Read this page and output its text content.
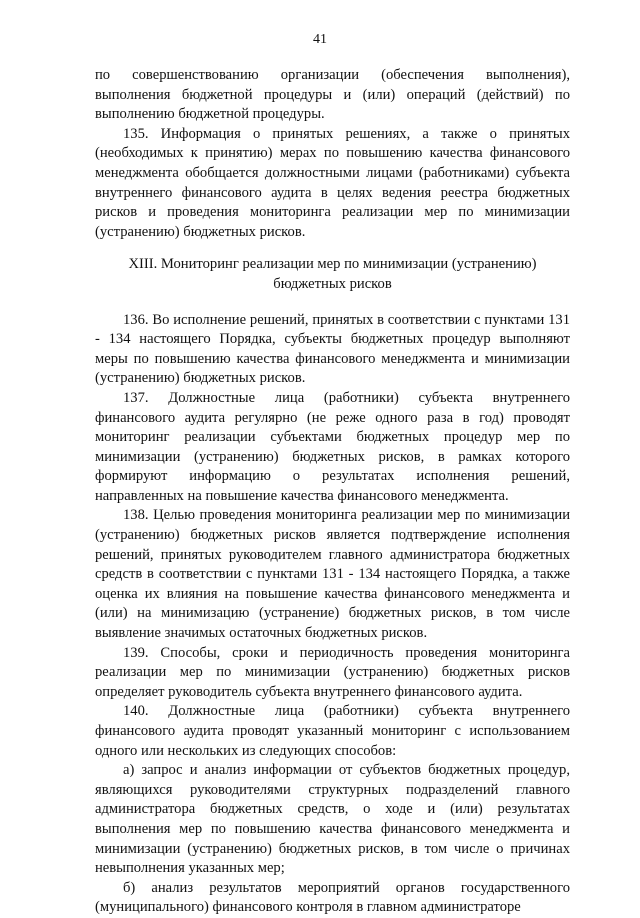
41

по совершенствованию организации (обеспечения выполнения), выполнения бюджетной процедуры и (или) операций (действий) по выполнению бюджетной процедуры.

135. Информация о принятых решениях, а также о принятых (необходимых к принятию) мерах по повышению качества финансового менеджмента обобщается должностными лицами (работниками) субъекта внутреннего финансового аудита в целях ведения реестра бюджетных рисков и проведения мониторинга реализации мер по минимизации (устранению) бюджетных рисков.

XIII. Мониторинг реализации мер по минимизации (устранению)
бюджетных рисков

136. Во исполнение решений, принятых в соответствии с пунктами 131 - 134 настоящего Порядка, субъекты бюджетных процедур выполняют меры по повышению качества финансового менеджмента и минимизации (устранению) бюджетных рисков.

137. Должностные лица (работники) субъекта внутреннего финансового аудита регулярно (не реже одного раза в год) проводят мониторинг реализации субъектами бюджетных процедур мер по минимизации (устранению) бюджетных рисков, в рамках которого формируют информацию о результатах исполнения решений, направленных на повышение качества финансового менеджмента.

138. Целью проведения мониторинга реализации мер по минимизации (устранению) бюджетных рисков является подтверждение исполнения решений, принятых руководителем главного администратора бюджетных средств в соответствии с пунктами 131 - 134 настоящего Порядка, а также оценка их влияния на повышение качества финансового менеджмента и (или) на минимизацию (устранение) бюджетных рисков, в том числе выявление значимых остаточных бюджетных рисков.

139. Способы, сроки и периодичность проведения мониторинга реализации мер по минимизации (устранению) бюджетных рисков определяет руководитель субъекта внутреннего финансового аудита.

140. Должностные лица (работники) субъекта внутреннего финансового аудита проводят указанный мониторинг с использованием одного или нескольких из следующих способов:

а) запрос и анализ информации от субъектов бюджетных процедур, являющихся руководителями структурных подразделений главного администратора бюджетных средств, о ходе и (или) результатах выполнения мер по повышению качества финансового менеджмента и минимизации (устранению) бюджетных рисков, в том числе о причинах невыполнения указанных мер;

б) анализ результатов мероприятий органов государственного (муниципального) финансового контроля в главном администраторе
